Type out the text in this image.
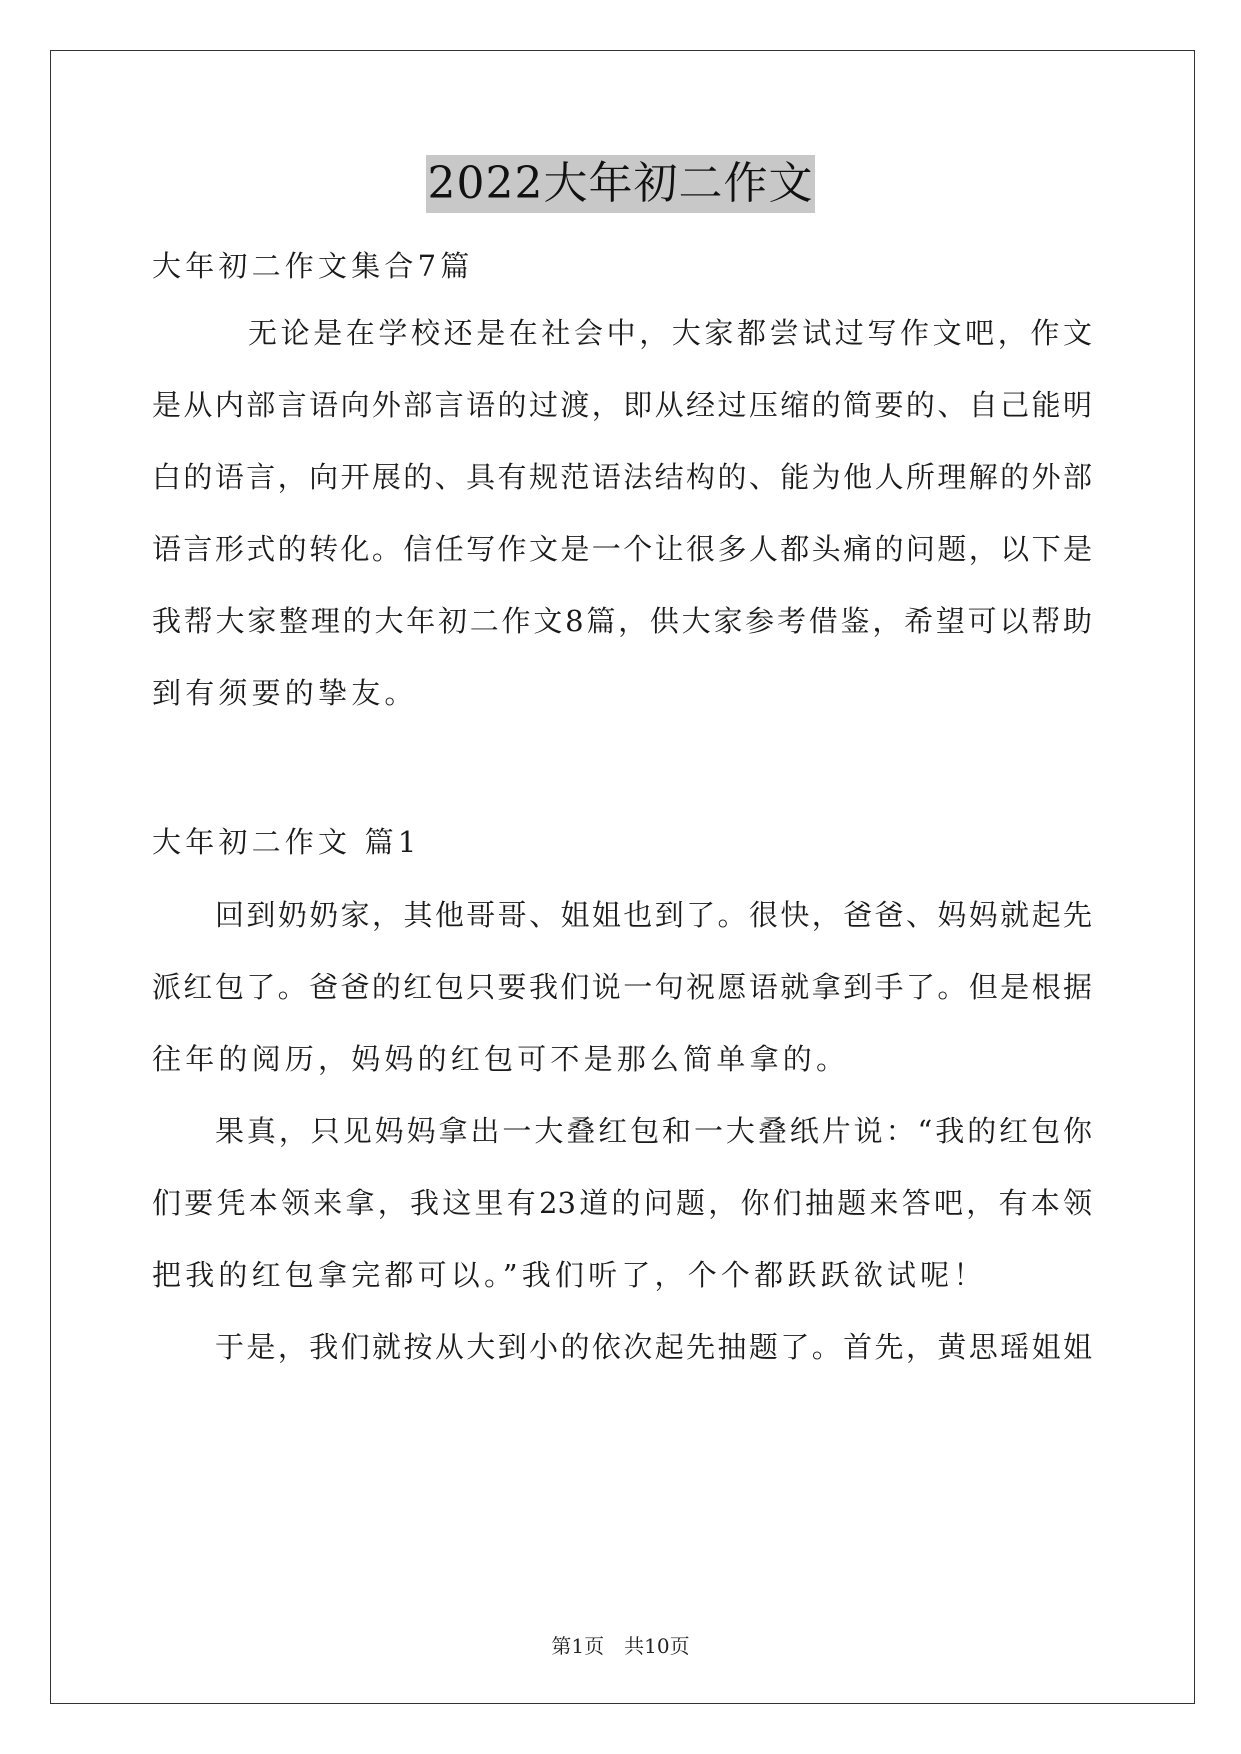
2022大年初二作文
大年初二作文集合7篇
无论是在学校还是在社会中，大家都尝试过写作文吧，作文
是从内部言语向外部言语的过渡，即从经过压缩的简要的、自己能明
白的语言，向开展的、具有规范语法结构的、能为他人所理解的外部
语言形式的转化。信任写作文是一个让很多人都头痛的问题，以下是
我帮大家整理的大年初二作文8篇，供大家参考借鉴，希望可以帮助
到有须要的挚友。
大年初二作文 篇1
回到奶奶家，其他哥哥、姐姐也到了。很快，爸爸、妈妈就起先
派红包了。爸爸的红包只要我们说一句祝愿语就拿到手了。但是根据
往年的阅历，妈妈的红包可不是那么简单拿的。
果真，只见妈妈拿出一大叠红包和一大叠纸片说：“我的红包你
们要凭本领来拿，我这里有23道的问题，你们抽题来答吧，有本领
把我的红包拿完都可以。”我们听了，个个都跃跃欲试呢！
于是，我们就按从大到小的依次起先抽题了。首先，黄思瑶姐姐
第1页 共10页
